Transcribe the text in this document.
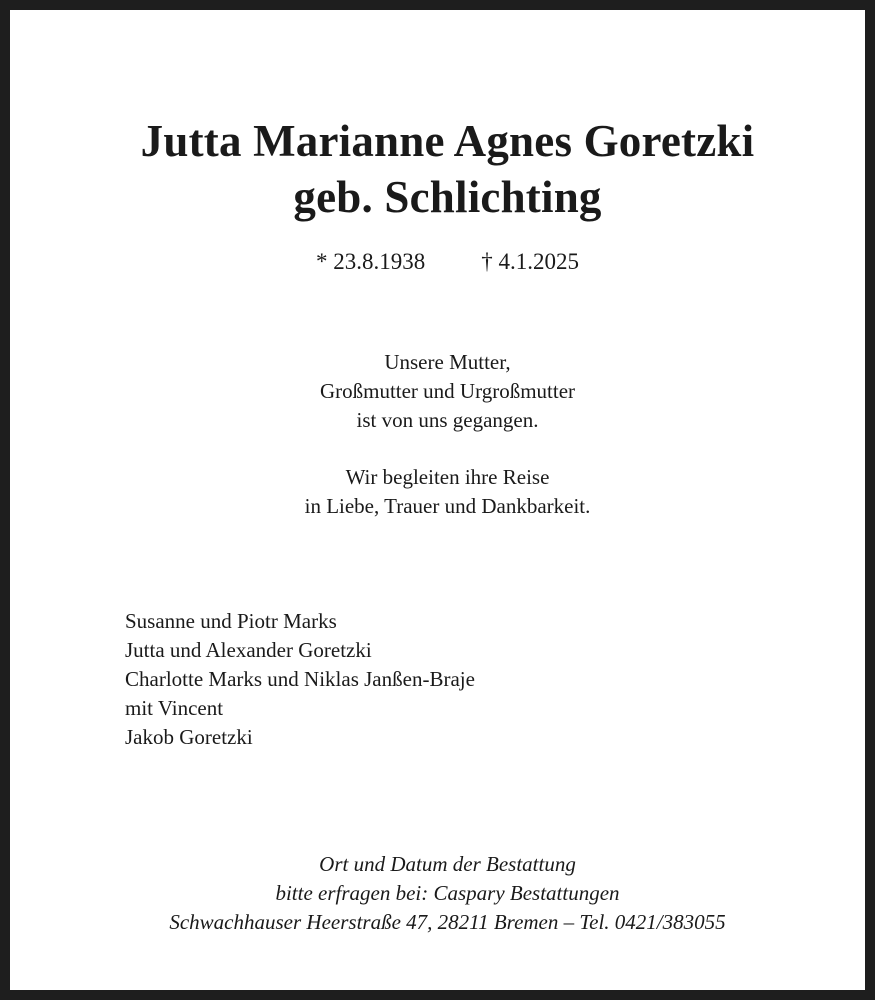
Jutta Marianne Agnes Goretzki
geb. Schlichting
* 23.8.1938 † 4.1.2025
Unsere Mutter,
Großmutter und Urgroßmutter
ist von uns gegangen.
Wir begleiten ihre Reise
in Liebe, Trauer und Dankbarkeit.
Susanne und Piotr Marks
Jutta und Alexander Goretzki
Charlotte Marks und Niklas Janßen-Braje
mit Vincent
Jakob Goretzki
Ort und Datum der Bestattung
bitte erfragen bei: Caspary Bestattungen
Schwachhauser Heerstraße 47, 28211 Bremen – Tel. 0421/383055
